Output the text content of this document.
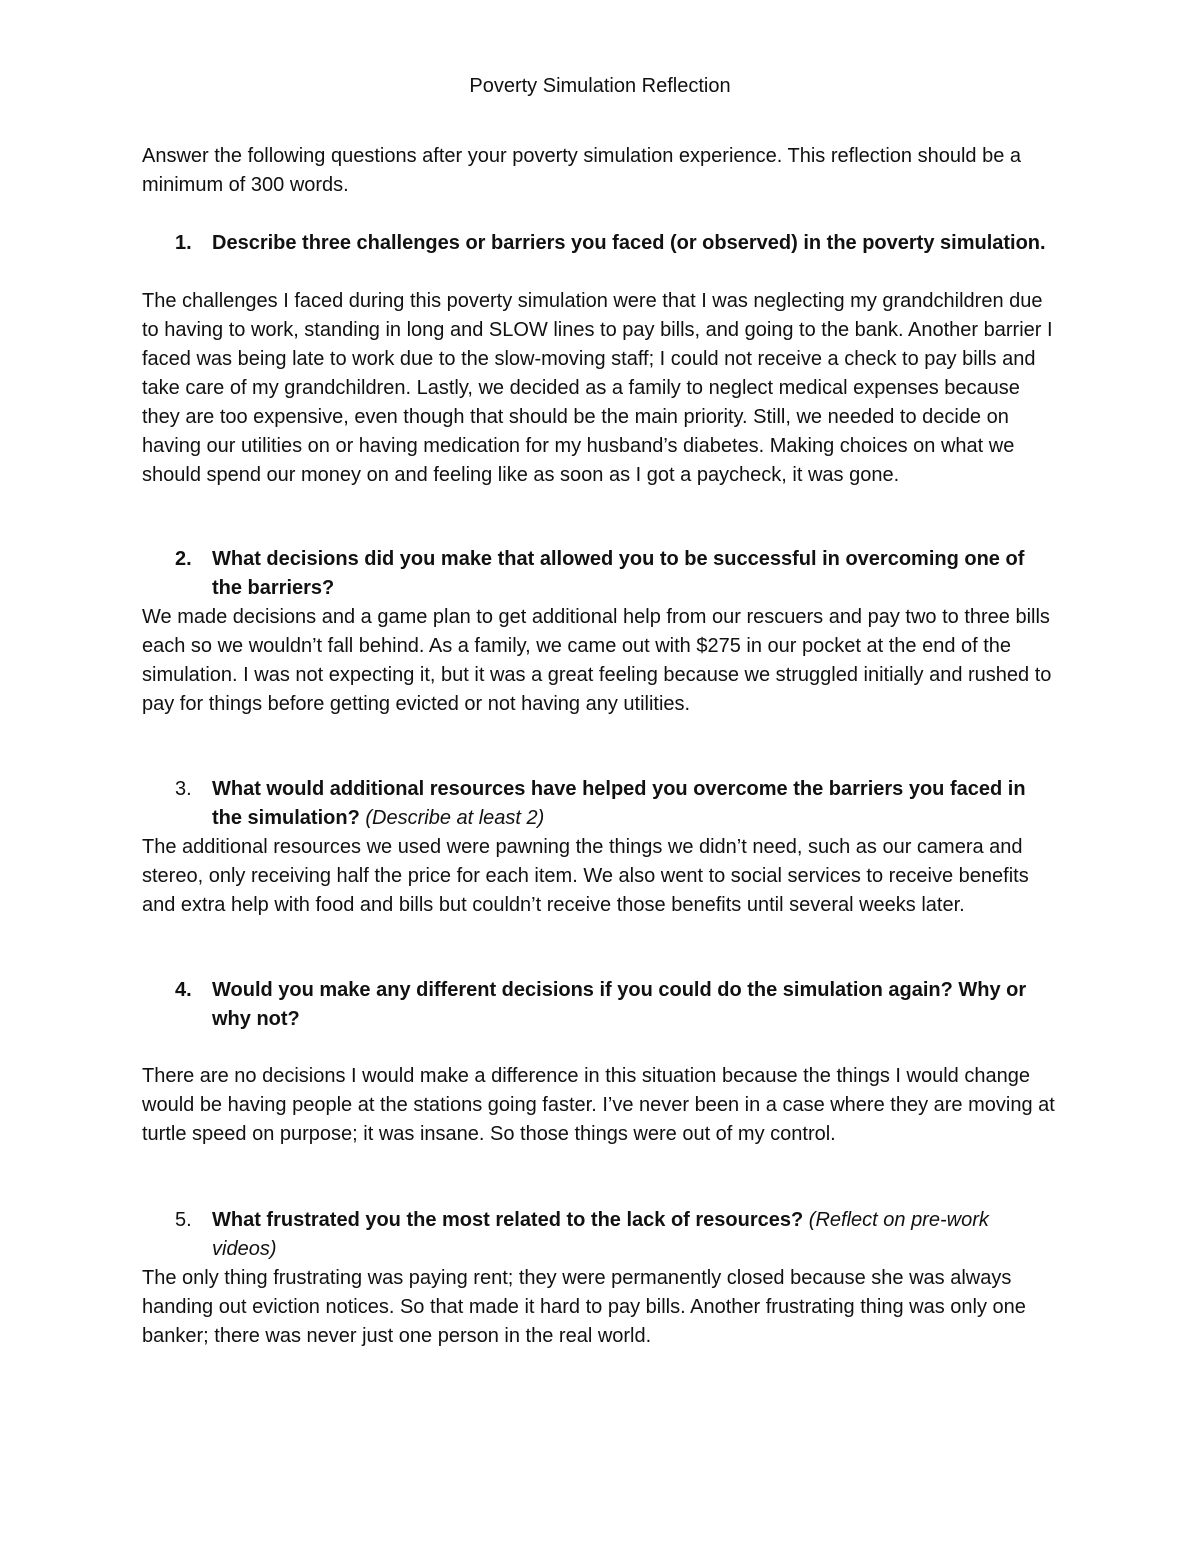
Poverty Simulation Reflection
Answer the following questions after your poverty simulation experience. This reflection should be a minimum of 300 words.
1.	Describe three challenges or barriers you faced (or observed) in the poverty simulation.

The challenges I faced during this poverty simulation were that I was neglecting my grandchildren due to having to work, standing in long and SLOW lines to pay bills, and going to the bank. Another barrier I faced was being late to work due to the slow-moving staff; I could not receive a check to pay bills and take care of my grandchildren. Lastly, we decided as a family to neglect medical expenses because they are too expensive, even though that should be the main priority. Still, we needed to decide on having our utilities on or having medication for my husband’s diabetes. Making choices on what we should spend our money on and feeling like as soon as I got a paycheck, it was gone.

2.	What decisions did you make that allowed you to be successful in overcoming one of the barriers?

We made decisions and a game plan to get additional help from our rescuers and pay two to three bills each so we wouldn’t fall behind. As a family, we came out with $275 in our pocket at the end of the simulation. I was not expecting it, but it was a great feeling because we struggled initially and rushed to pay for things before getting evicted or not having any utilities.

3.	What would additional resources have helped you overcome the barriers you faced in the simulation? (Describe at least 2)

The additional resources we used were pawning the things we didn’t need, such as our camera and stereo, only receiving half the price for each item. We also went to social services to receive benefits and extra help with food and bills but couldn’t receive those benefits until several weeks later.

4.	Would you make any different decisions if you could do the simulation again? Why or why not?

There are no decisions I would make a difference in this situation because the things I would change would be having people at the stations going faster. I’ve never been in a case where they are moving at turtle speed on purpose; it was insane. So those things were out of my control.

5.	What frustrated you the most related to the lack of resources? (Reflect on pre-work videos)

The only thing frustrating was paying rent; they were permanently closed because she was always handing out eviction notices. So that made it hard to pay bills. Another frustrating thing was only one banker; there was never just one person in the real world.
